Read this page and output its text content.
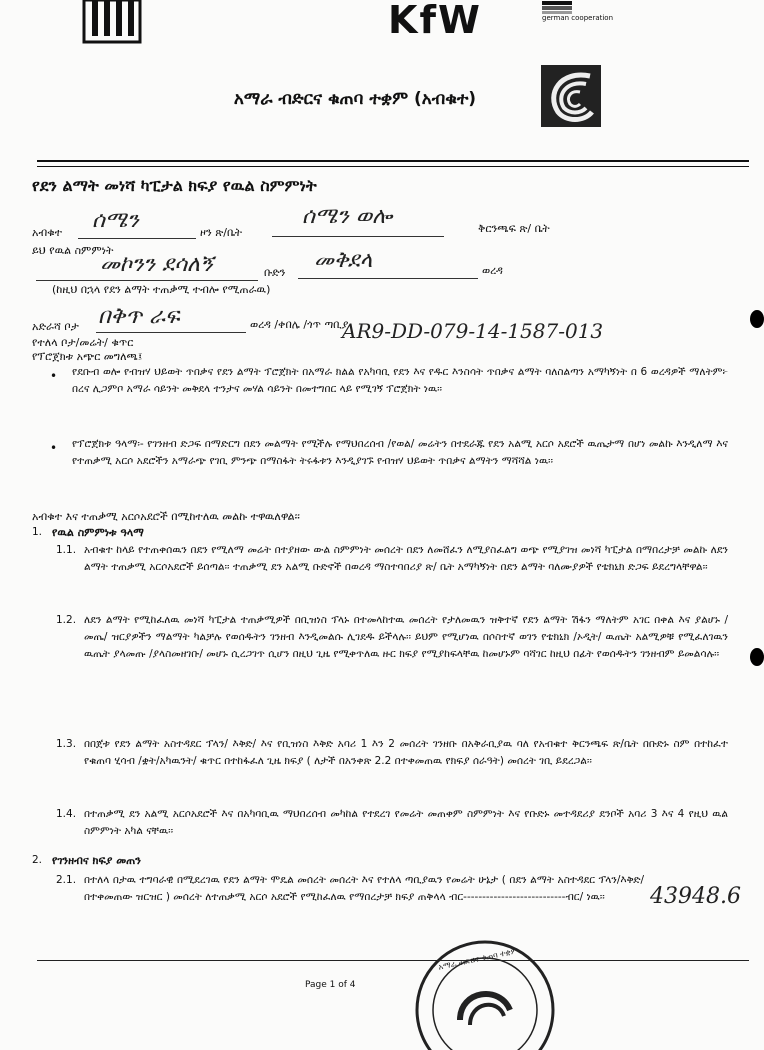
KfW	german cooperation
አማራ ብድርና ቁጠባ ተቋም (አብቁተ)
የደን ልማት መነሻ ካፒታል ክፍያ የዉል ስምምነት
አብቁተ ሰሜን	ዞን ጽ/ቤት
ሰሜን ወሎ	ቅርንጫፍ ጽ/ ቤት
ይህ የዉል ስምምነት
መኮንን ደሳለኝ	ቡድን መቅደላ	ወረዳ
(ከዚህ በኋላ የደን ልማት ተጠቃሚ ተብሎ የሚጠራዉ)
አድራሻ ቦታ በቅጥ ራፍ	ወረዳ /ቀበሌ /ጎጥ ጣቢያ
የተለላ ቦታ/መሬት/ ቁጥር	AR9-DD-079-14-1587-013
የፕሮጀክቱ አጭር መግለጫ፤
• የደቡብ ወሎ የብዝሃ ህይወት ጥበቃና የደን ልማት ፕሮጀክት በአማራ ክልል የአካባቢ የደን እና የዱር እንስሳት ጥበቃና ልማት ባለስልጣን አማካኝነት በ 6 ወረዳዎች ማለትም፦ በረና ሊጋምቦ አማራ ሳይንት መቅደላ ተንታና መሃል ሳይንት በመተግበር ላይ የሚገኝ ፕሮጀክት ነዉ፡፡
• የፕሮጀክቱ ዓላማ፡- የገንዘብ ድጋፍ በማድርግ በደን መልማት የሚችሉ የማህበረሰብ /የወል/ መሬትን በተደራጁ የደን አልሚ አርሶ አደሮች ዉጤታማ በሆነ መልኩ እንዲለማ እና የተጠቃሚ አርሶ አደሮችን አማራጭ የገቢ ምንጭ በማስፋት ትሩፋቱን እንዲያገኙ የብዝሃ ህይወት ጥበቃና ልማትን ማሻሻል ነዉ፡፡
አብቁተ እና ተጠቃሚ አርሶአደሮች በሚከተለዉ መልኩ ተዋዉለዋል፡፡
1. የዉል ስምምነቱ ዓላማ
1.1. አብቁተ ከላይ የተጠቀሰዉን በደን የሚለማ መሬት በተያዘው ውል ስምምነት መሰረት በደን ለመሸፈን ለሚያስፈልግ ወጭ የሚያገዝ መነሻ ካፒታል በማበረታቻ መልኩ ለደን ልማት ተጠቃሚ አርሶአደሮች ይሰጣል፡፡ ተጠቃሚ ደን አልሚ ቡድኖች በወረዳ ማስተባበሪያ ጽ/ ቤት አማካኝነት በደን ልማት ባለሙያዎች የቴክኒክ ድጋፍ ይደረግላቸዋል፡፡
1.2. ለደን ልማት የሚከፈለዉ መነሻ ካፒታል ተጠቃሚዎች በቢዝነስ ፕላኑ በተመላከተዉ መሰረት የታለመዉን ዝቅተኛ የደን ልማት ሽፋን ማለትም አገር በቀል እና ያልሆኑ /መጤ/ ዝርያዎችን ማልማት ካልቻሉ የወሰዱትን ገንዘብ እንዲመልሱ ሊገደዱ ይችላሉ፡፡ ይህም የሚሆነዉ በሶስተኛ ወገን የቴክኒክ /ኦዲት/ ዉጤት አልሚዎቹ የሚፈለገዉን ዉጤት ያላመጡ /ያላስመዘገቡ/ መሆኑ ሲረጋገጥ ሲሆን በዚህ ጊዜ የሚቀጥለዉ ዙር ክፍያ የሚያከፍላቸዉ ከመሆኑም ባሻገር ከዚህ በፊት የወሰዱትን ገንዘብም ይመልሳሉ፡፡
1.3. በበጀቱ የደን ልማት አስተዳደር ፕላን/ እቅድ/ እና የቢዝነስ እቅድ አባሪ 1 እን 2 መሰረት ገንዘቡ በአቅራቢያዉ ባለ የአብቁተ ቅርንጫፍ ጽ/ቤት በቡድኑ ስም በተከፈተ የቁጠባ ሂሳብ /ቋት/አካዉንት/ ቁጥር በተከፋፈለ ጊዜ ክፍያ ( ለታች በአንቀጽ 2.2 በተቀመጠዉ የክፍያ ሰራዓት) መሰረት ገቢ ይደረጋል፡፡
1.4. በተጠቃሚ ደን አልሚ አርሶአደሮች እና በአካባቢዉ ማህበረሰብ መካከል የተደረገ የመሬት መጠቀም ስምምነት እና የቡድኑ መተዳደሪያ ደንቦች አባሪ 3 እና 4 የዚህ ዉል ስምምነት አካል ናቸዉ፡፡
2. የገንዘብና ክፍያ መጠን
2.1. በተለላ በታዉ ተግባራዊ በሚደረገዉ የደን ልማት ሞዴል መሰረት መሰረት እና የተለላ ጣቢያዉን የመሬት ሁኔታ ( በደን ልማት አስተዳደር ፕላን/እቅድ/ በተቀመጠው ዝርዝር ) መሰረት ለተጠቃሚ አርሶ አደሮች የሚከፈለዉ የማበረታቻ ክፍያ ጠቅላላ ብር---------------------------ብር/ ነዉ፡፡	43948.6
Page 1 of 4
አማራ ብድርና ቁጠባ ተቋም
